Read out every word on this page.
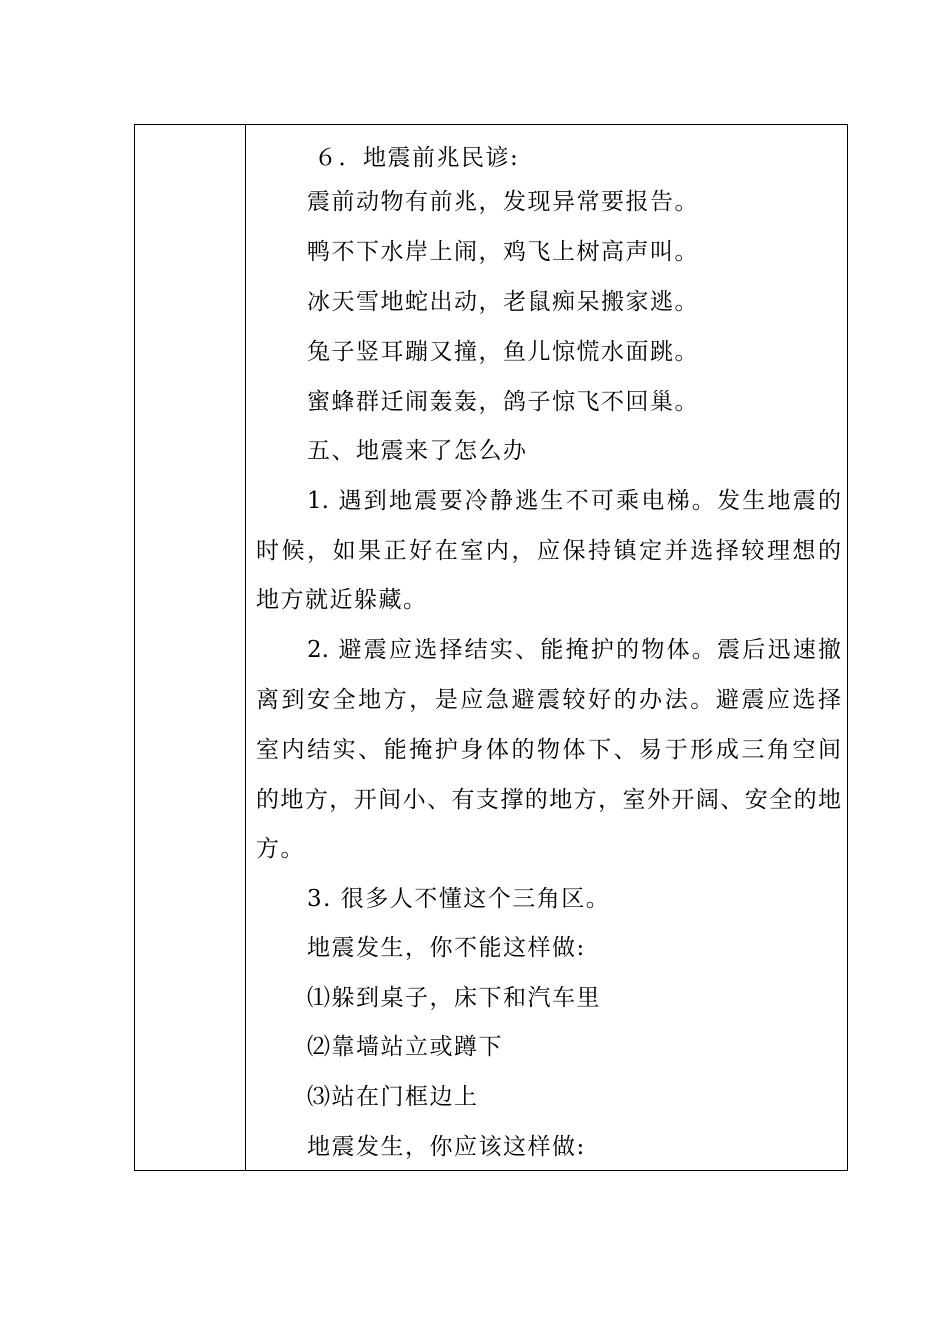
６．地震前兆民谚:
震前动物有前兆，发现异常要报告。
鸭不下水岸上闹，鸡飞上树高声叫。
冰天雪地蛇出动，老鼠痴呆搬家逃。
兔子竖耳蹦又撞，鱼儿惊慌水面跳。
蜜蜂群迁闹轰轰，鸽子惊飞不回巢。
五、地震来了怎么办
1. 遇到地震要冷静逃生不可乘电梯。发生地震的
时候，如果正好在室内，应保持镇定并选择较理想的
地方就近躲藏。
2. 避震应选择结实、能掩护的物体。震后迅速撤
离到安全地方，是应急避震较好的办法。避震应选择
室内结实、能掩护身体的物体下、易于形成三角空间
的地方，开间小、有支撑的地方，室外开阔、安全的地
方。
3. 很多人不懂这个三角区。
地震发生，你不能这样做:
⑴躲到桌子，床下和汽车里
⑵靠墙站立或蹲下
⑶站在门框边上
地震发生，你应该这样做:
